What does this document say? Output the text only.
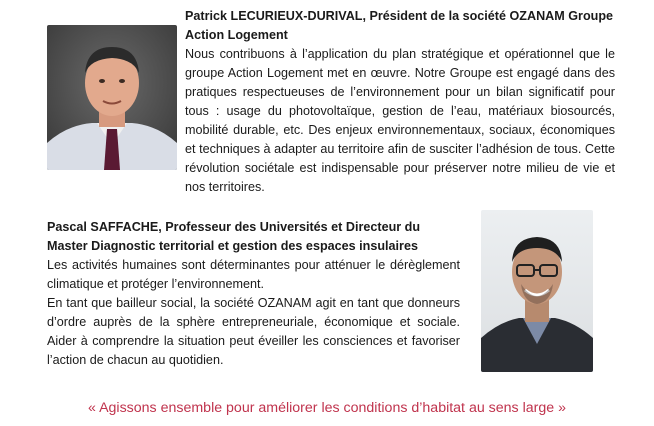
Patrick LECURIEUX-DURIVAL, Président de la société OZANAM Groupe Action Logement

Nous contribuons à l’application du plan stratégique et opérationnel que le groupe Action Logement met en œuvre. Notre Groupe est engagé dans des pratiques respectueuses de l’environnement pour un bilan significatif pour tous : usage du photovoltaïque, gestion de l’eau, matériaux biosourcés, mobilité durable, etc. Des enjeux environnementaux, sociaux, économiques et techniques à adapter au territoire afin de susciter l’adhésion de tous. Cette révolution sociétale est indispensable pour préserver notre milieu de vie et nos territoires.

Pascal SAFFACHE, Professeur des Universités et Directeur du Master Diagnostic territorial et gestion des espaces insulaires

Les activités humaines sont déterminantes pour atténuer le dérèglement climatique et protéger l’environnement.

En tant que bailleur social, la société OZANAM agit en tant que donneurs d’ordre auprès de la sphère entrepreneuriale, économique et sociale. Aider à comprendre la situation peut éveiller les consciences et favoriser l’action de chacun au quotidien.

« Agissons ensemble pour améliorer les conditions d’habitat au sens large »
